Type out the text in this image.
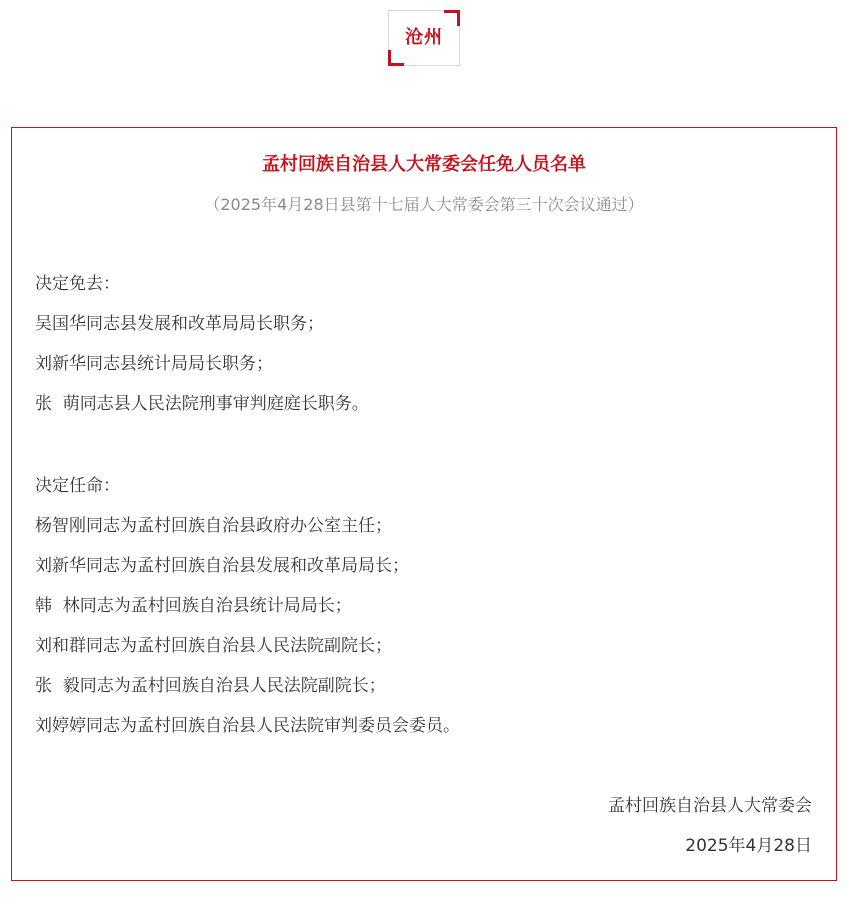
沧州
孟村回族自治县人大常委会任免人员名单
（2025年4月28日县第十七届人大常委会第三十次会议通过）
决定免去：
吴国华同志县发展和改革局局长职务；
刘新华同志县统计局局长职务；
张  萌同志县人民法院刑事审判庭庭长职务。
决定任命：
杨智刚同志为孟村回族自治县政府办公室主任；
刘新华同志为孟村回族自治县发展和改革局局长；
韩  林同志为孟村回族自治县统计局局长；
刘和群同志为孟村回族自治县人民法院副院长；
张  毅同志为孟村回族自治县人民法院副院长；
刘婷婷同志为孟村回族自治县人民法院审判委员会委员。
孟村回族自治县人大常委会
2025年4月28日
